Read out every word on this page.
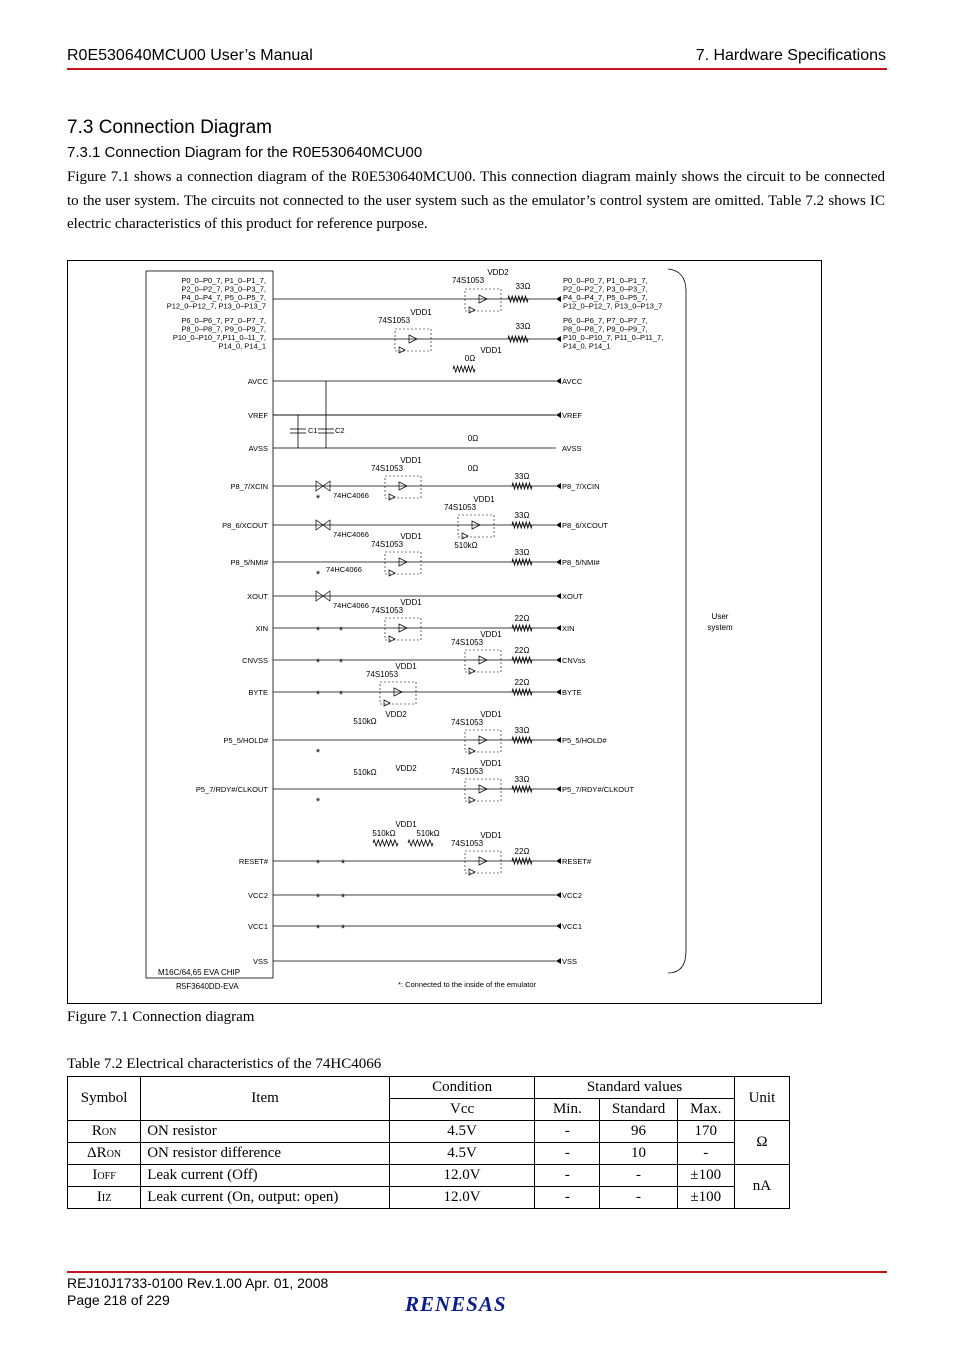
R0E530640MCU00 User’s Manual	7. Hardware Specifications
7.3 Connection Diagram
7.3.1 Connection Diagram for the R0E530640MCU00
Figure 7.1 shows a connection diagram of the R0E530640MCU00. This connection diagram mainly shows the circuit to be connected to the user system. The circuits not connected to the user system such as the emulator’s control system are omitted. Table 7.2 shows IC electric characteristics of this product for reference purpose.
M16C/64,65 EVA CHIP
R5F3640DD-EVA
User
system
*: Connected to the inside of the emulator
P0_0–P0_7, P1_0–P1_7,
P2_0–P2_7, P3_0–P3_7,
P4_0–P4_7, P5_0–P5_7,
P12_0–P12_7, P13_0–P13_7
P0_0–P0_7, P1_0–P1_7,
P2_0–P2_7, P3_0–P3_7,
P4_0–P4_7, P5_0–P5_7,
P12_0–P12_7, P13_0–P13_7
P6_0–P6_7, P7_0–P7_7,
P8_0–P8_7, P9_0–P9_7,
P10_0–P10_7,P11_0–11_7,
P14_0, P14_1
P6_0–P6_7, P7_0–P7_7,
P8_0–P8_7, P9_0–P9_7,
P10_0–P10_7, P11_0–P11_7,
P14_0, P14_1
33Ω
74S1053
33Ω
74S1053
VDD2
VDD1
AVCC	AVCC
VREF	VREF
AVSS	AVSS
P8_7/XCIN	P8_7/XCIN
P8_6/XCOUT	P8_6/XCOUT
P8_5/NMI#	P8_5/NMI#
XOUT	XOUT
XIN	XIN
CNVSS	CNVss
BYTE	BYTE
P5_5/HOLD#	P5_5/HOLD#
P5_7/RDY#/CLKOUT	P5_7/RDY#/CLKOUT
RESET#	RESET#
VCC2	VCC2
VCC1	VCC1
VSS	VSS
0Ω
VDD1
0Ω
0Ω
C1 C2
33Ω
33Ω
33Ω
22Ω
22Ω
22Ω
33Ω
33Ω
22Ω
74S1053
VDD1
74S1053
VDD1
74S1053
VDD1
74S1053
VDD1
74S1053
VDD1
74S1053
VDD1
74S1053
VDD1
74S1053
VDD1
74S1053
VDD1
74HC4066
74HC4066
74HC4066
74HC4066
510kΩ
510kΩ
VDD2
510kΩ VDD2
510kΩ	510kΩ
VDD1
*
*
* *
* *
* *
*
*
* *
* *
* *
Figure 7.1 Connection diagram
Table 7.2 Electrical characteristics of the 74HC4066
Symbol	Item	Condition	Standard values			Unit
		Vcc	Min.	Standard	Max.	
RON	ON resistor	4.5V	-	96	170	Ω
ΔRON	ON resistor difference	4.5V	-	10	-	
IOFF	Leak current (Off)	12.0V	-	-	±100	nA
IIZ	Leak current (On, output: open)	12.0V	-	-	±100	
REJ10J1733-0100 Rev.1.00 Apr. 01, 2008
Page 218 of 229	RENESAS
